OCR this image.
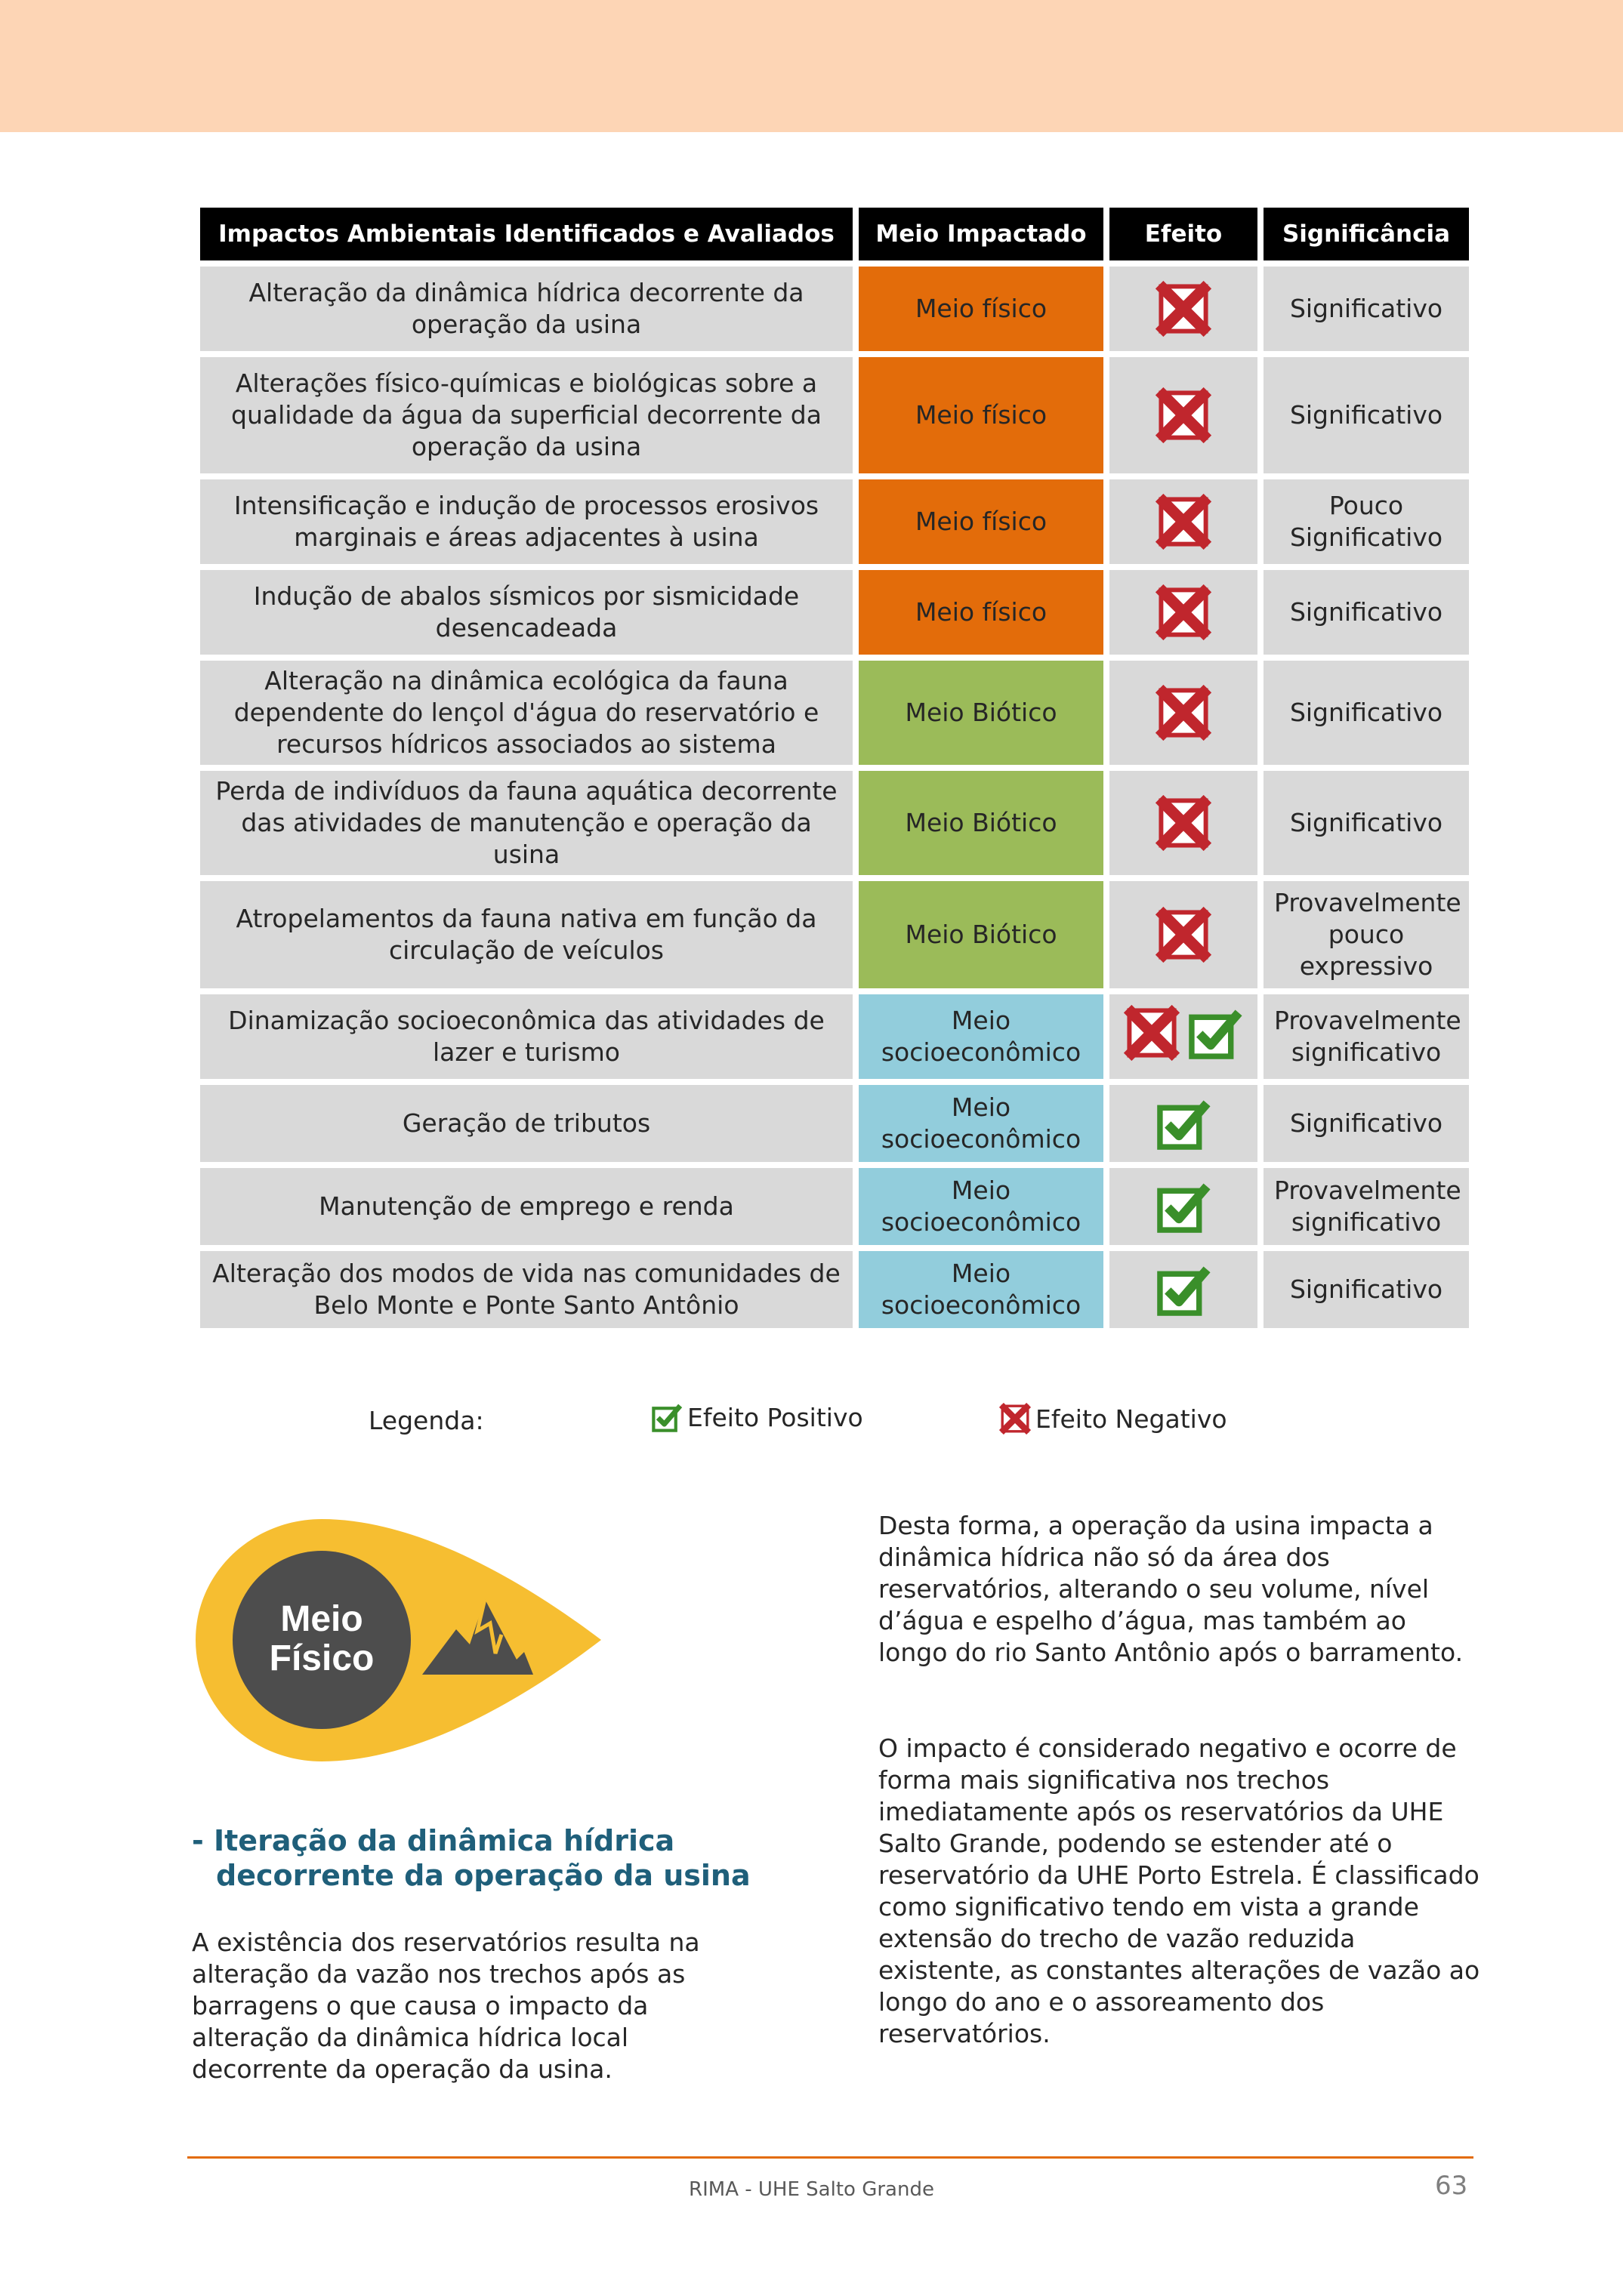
Impactos Ambientais Identificados e Avaliados	Meio Impactado	Efeito	Significância
Alteração da dinâmica hídrica decorrente da operação da usina	Meio físico		Significativo
Alterações físico-químicas e biológicas sobre a qualidade da água da superficial decorrente da operação da usina	Meio físico		Significativo
Intensificação e indução de processos erosivos marginais e áreas adjacentes à usina	Meio físico		Pouco Significativo
Indução de abalos sísmicos por sismicidade desencadeada	Meio físico		Significativo
Alteração na dinâmica ecológica da fauna dependente do lençol d'água do reservatório e recursos hídricos associados ao sistema	Meio Biótico		Significativo
Perda de indivíduos da fauna aquática decorrente das atividades de manutenção e operação da usina	Meio Biótico		Significativo
Atropelamentos da fauna nativa em função da circulação de veículos	Meio Biótico		Provavelmente pouco expressivo
Dinamização socioeconômica das atividades de lazer e turismo	Meio socioeconômico		Provavelmente significativo
Geração de tributos	Meio socioeconômico		Significativo
Manutenção de emprego e renda	Meio socioeconômico		Provavelmente significativo
Alteração dos modos de vida nas comunidades de Belo Monte e Ponte Santo Antônio	Meio socioeconômico		Significativo
Legenda:	Efeito Positivo	Efeito Negativo
Meio
Físico
- Iteração da dinâmica hídrica
decorrente da operação da usina
A existência dos reservatórios resulta na alteração da vazão nos trechos após as barragens o que causa o impacto da alteração da dinâmica hídrica local decorrente da operação da usina.
Desta forma, a operação da usina impacta a dinâmica hídrica não só da área dos reservatórios, alterando o seu volume, nível d’água e espelho d’água, mas também ao longo do rio Santo Antônio após o barramento.
O impacto é considerado negativo e ocorre de forma mais significativa nos trechos imediatamente após os reservatórios da UHE Salto Grande, podendo se estender até o reservatório da UHE Porto Estrela. É classificado como significativo tendo em vista a grande extensão do trecho de vazão reduzida existente, as constantes alterações de vazão ao longo do ano e o assoreamento dos reservatórios.
RIMA - UHE Salto Grande	63
